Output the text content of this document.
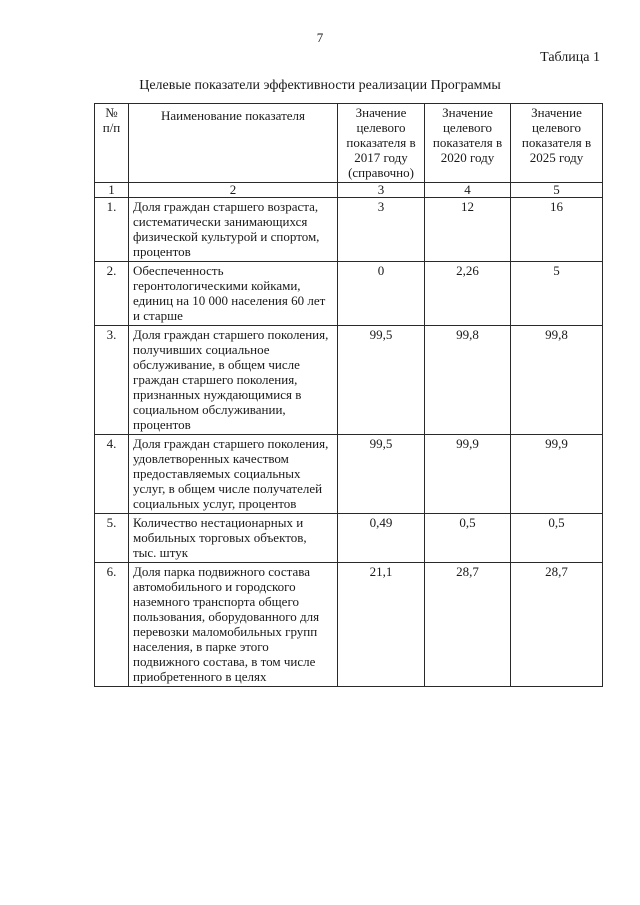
7
Таблица 1
Целевые показатели эффективности реализации Программы
№ п/п	Наименование показателя	Значение целевого показателя в 2017 году (справочно)	Значение целевого показателя в 2020 году	Значение целевого показателя в 2025 году
1	2	3	4	5
1.	Доля граждан старшего возраста, систематически занимающихся физической культурой и спортом, процентов	3	12	16
2.	Обеспеченность геронтологическими койками, единиц на 10 000 населения 60 лет и старше	0	2,26	5
3.	Доля граждан старшего поколения, получивших социальное обслуживание, в общем числе граждан старшего поколения, признанных нуждающимися в социальном обслуживании, процентов	99,5	99,8	99,8
4.	Доля граждан старшего поколения, удовлетворенных качеством предоставляемых социальных услуг, в общем числе получателей социальных услуг, процентов	99,5	99,9	99,9
5.	Количество нестационарных и мобильных торговых объектов, тыс. штук	0,49	0,5	0,5
6.	Доля парка подвижного состава автомобильного и городского наземного транспорта общего пользования, оборудованного для перевозки маломобильных групп населения, в парке этого подвижного состава, в том числе приобретенного в целях	21,1	28,7	28,7
